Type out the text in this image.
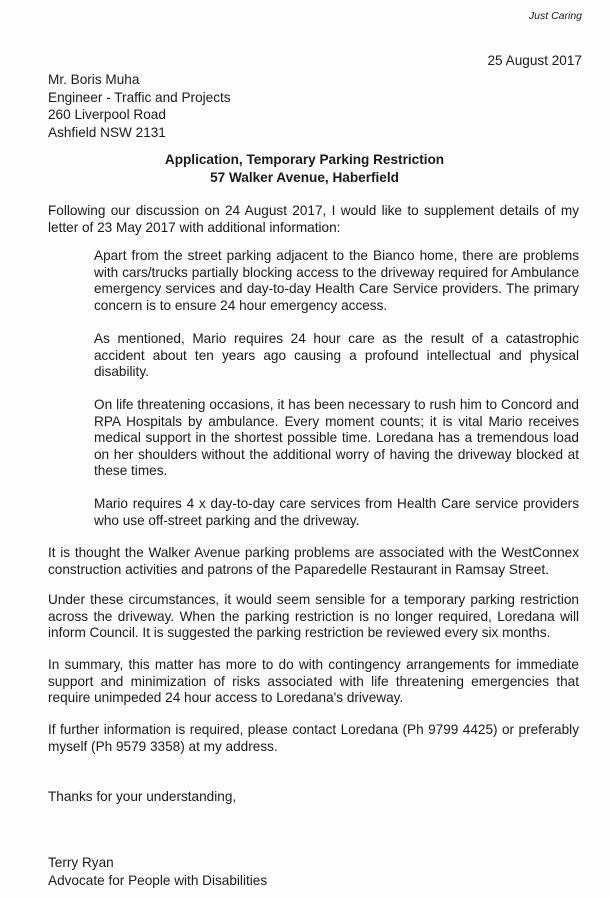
Just Caring
25 August 2017
Mr. Boris Muha
Engineer - Traffic and Projects
260 Liverpool Road
Ashfield NSW 2131
Application, Temporary Parking Restriction
57 Walker Avenue, Haberfield

Following our discussion on 24 August 2017, I would like to supplement details of my letter of 23 May 2017 with additional information:

Apart from the street parking adjacent to the Bianco home, there are problems with cars/trucks partially blocking access to the driveway required for Ambulance emergency services and day-to-day Health Care Service providers. The primary concern is to ensure 24 hour emergency access.

As mentioned, Mario requires 24 hour care as the result of a catastrophic accident about ten years ago causing a profound intellectual and physical disability.

On life threatening occasions, it has been necessary to rush him to Concord and RPA Hospitals by ambulance. Every moment counts; it is vital Mario receives medical support in the shortest possible time. Loredana has a tremendous load on her shoulders without the additional worry of having the driveway blocked at these times.

Mario requires 4 x day-to-day care services from Health Care service providers who use off-street parking and the driveway.

It is thought the Walker Avenue parking problems are associated with the WestConnex construction activities and patrons of the Paparedelle Restaurant in Ramsay Street.

Under these circumstances, it would seem sensible for a temporary parking restriction across the driveway. When the parking restriction is no longer required, Loredana will inform Council. It is suggested the parking restriction be reviewed every six months.

In summary, this matter has more to do with contingency arrangements for immediate support and minimization of risks associated with life threatening emergencies that require unimpeded 24 hour access to Loredana's driveway.

If further information is required, please contact Loredana (Ph 9799 4425) or preferably myself (Ph 9579 3358) at my address.

Thanks for your understanding,

Terry Ryan
Advocate for People with Disabilities
